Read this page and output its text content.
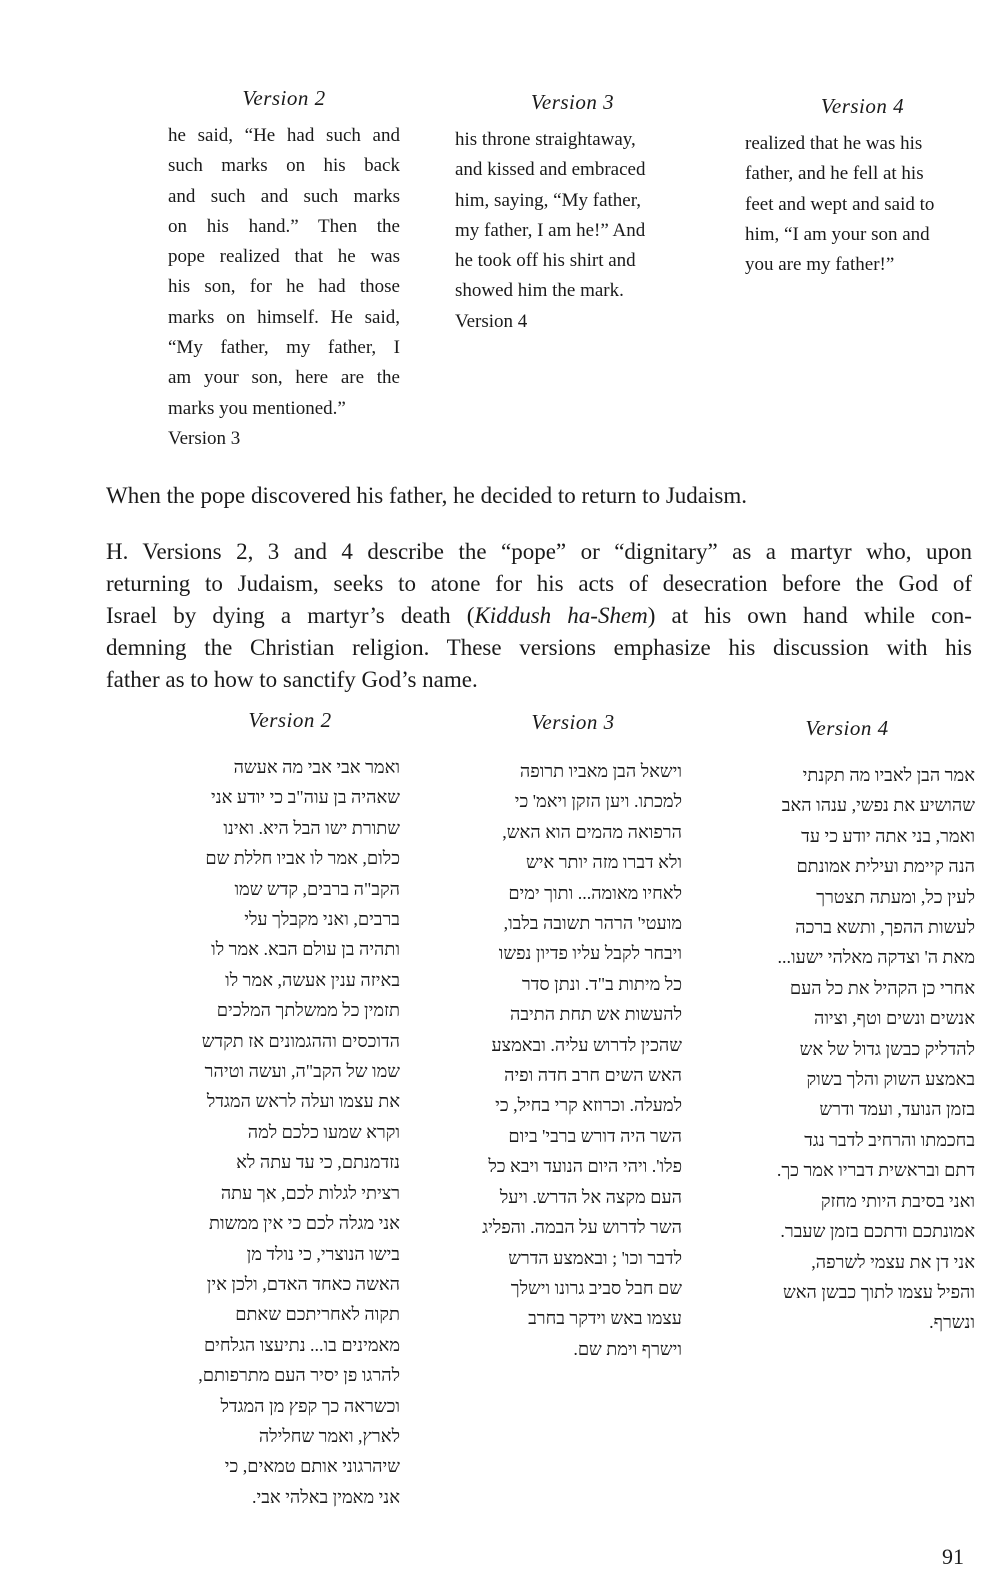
Version 2
he said, “He had such and
such marks on his back
and such and such marks
on his hand.” Then the
pope realized that he was
his son, for he had those
marks on himself. He said,
“My father, my father, I
am your son, here are the
marks you mentioned.”
Version 3
Version 3
his throne straightaway,
and kissed and embraced
him, saying, “My father,
my father, I am he!” And
he took off his shirt and
showed him the mark.
Version 4
Version 4
realized that he was his
father, and he fell at his
feet and wept and said to
him, “I am your son and
you are my father!”
When the pope discovered his father, he decided to return to Judaism.
H. Versions 2, 3 and 4 describe the “pope” or “dignitary” as a martyr who, upon
returning to Judaism, seeks to atone for his acts of desecration before the God of
Israel by dying a martyr’s death (Kiddush ha-Shem) at his own hand while con-
demning the Christian religion. These versions emphasize his discussion with his
father as to how to sanctify God’s name.
Version 2	Version 3	Version 4
ואמר אבי אבי מה אעשה
שאהיה בן עוה"ב כי יודע אני
שתורת ישו הבל היא. ואינו
כלום, אמר לו אביו חללת שם
הקב"ה ברבים, קדש שמו
ברבים, ואני מקבלך עלי
ותהיה בן עולם הבא. אמר לו
באיזה ענין אעשה, אמר לו
תזמין כל ממשלתך המלכים
הדוכסים וההגמונים אז תקדש
שמו של הקב"ה, ועשה וטיהר
את עצמו ועלה לראש המגדל
וקרא שמעו כלכם למה
נזדמנתם, כי עד עתה לא
רציתי לגלות לכם, אך עתה
אני מגלה לכם כי אין ממשות
בישו הנוצרי, כי נולד מן
האשה כאחד האדם, ולכן אין
תקוה לאחריתכם שאתם
מאמינים בו... נתיעצו הגלחים
להרגו פן יסיר העם מתרפותם,
וכשראה כך קפץ מן המגדל
לארץ, ואמר שחלילה
שיהרגוני אותם טמאים, כי
אני מאמין באלהי אבי.
וישאל הבן מאביו תרופה
למכתו. ויען הזקן ויאמ' כי
הרפואה מהמים הוא האש,
ולא דברו מזה יותר איש
לאחיו מאומה... ותוך ימים
מועטי' הרהר תשובה בלבו,
ויבחר לקבל עליו פדיון נפשו
כל מיתות ב"ד. ונתן סדר
להעשות אש תחת התיבה
שהכין לדרוש עליה. ובאמצע
האש השים חרב חדה ופיה
למעלה. וכרוזא קרי בחיל, כי
השר היה דורש ברבי' ביום
פלו'. ויהי היום הנועד ויבא כל
העם מקצה אל הדרש. ויעל
השר לדרוש על הבמה. והפליג
לדבר וכו' ; ובאמצע הדרש
שם חבל סביב גרונו וישלך
עצמו באש וידקר בחרב
וישרף וימת שם.
אמר הבן לאביו מה תקנתי
שהושיע את נפשי, ענהו האב
ואמר, בני אתה יודע כי עד
הנה קיימת ועילית אמונתם
לעין כל, ומעתה תצטרך
לעשות ההפך, ותשא ברכה
מאת ה' וצדקה מאלהי ישעו...
אחרי כן הקהיל את כל העם
אנשים ונשים וטף, וציוה
להדליק כבשן גדול של אש
באמצע השוק והלך בשוק
בזמן הנועד, ועמד ודרש
בחכמתו והרחיב לדבר נגד
דתם ובראשית דבריו אמר כך.
ואני בסיבת היותי מחזק
אמונתכם ודתכם בזמן שעבר.
אני דן את עצמי לשרפה,
והפיל עצמו לתוך כבשן האש
ונשרף.
91
